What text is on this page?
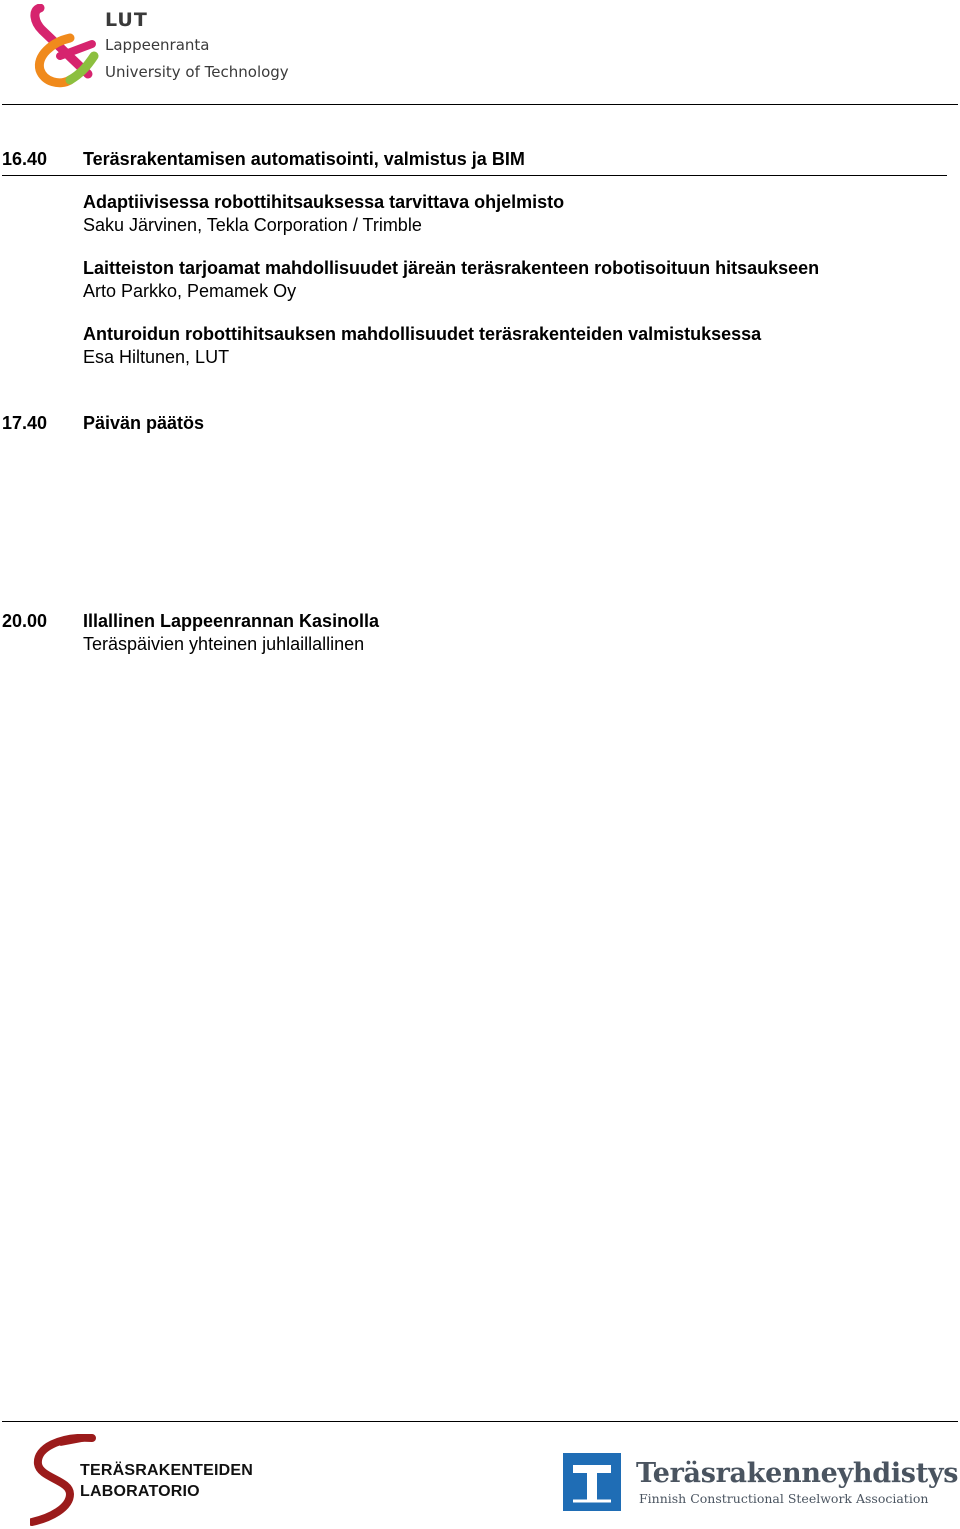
LUT
Lappeenranta
University of Technology
16.40	Teräsrakentamisen automatisointi, valmistus ja BIM
Adaptiivisessa robottihitsauksessa tarvittava ohjelmisto
Saku Järvinen, Tekla Corporation / Trimble
Laitteiston tarjoamat mahdollisuudet järeän teräsrakenteen robotisoituun hitsaukseen
Arto Parkko, Pemamek Oy
Anturoidun robottihitsauksen mahdollisuudet teräsrakenteiden valmistuksessa
Esa Hiltunen, LUT
17.40	Päivän päätös
20.00	Illallinen Lappeenrannan Kasinolla
Teräspäivien yhteinen juhlaillallinen
TERÄSRAKENTEIDEN
LABORATORIO
Teräsrakenneyhdistys
Finnish Constructional Steelwork Association
